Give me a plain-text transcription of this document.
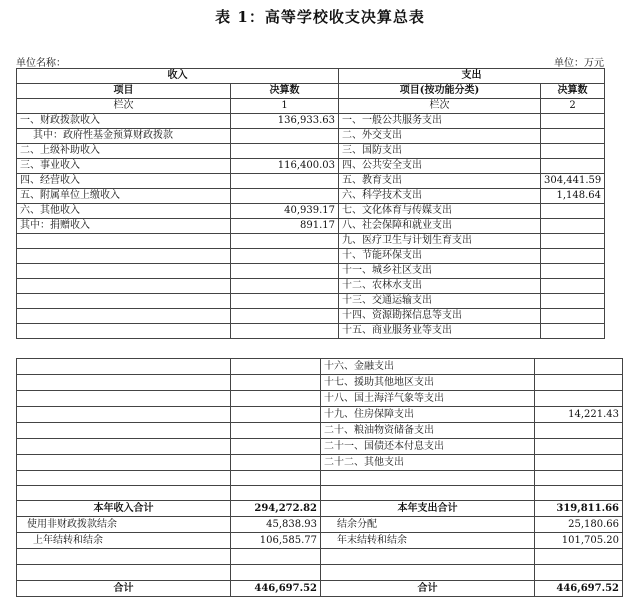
表 1：高等学校收支决算总表
单位名称：	单位：万元
收入		支出	
项目	决算数	项目(按功能分类)	决算数
栏次	1	栏次	2
一、财政拨款收入	136,933.63	一、一般公共服务支出	
其中：政府性基金预算财政拨款		二、外交支出	
二、上级补助收入		三、国防支出	
三、事业收入	116,400.03	四、公共安全支出	
四、经营收入		五、教育支出	304,441.59
五、附属单位上缴收入		六、科学技术支出	1,148.64
六、其他收入	40,939.17	七、文化体育与传媒支出	
其中：捐赠收入	891.17	八、社会保障和就业支出	
		九、医疗卫生与计划生育支出	
		十、节能环保支出	
		十一、城乡社区支出	
		十二、农林水支出	
		十三、交通运输支出	
		十四、资源勘探信息等支出	
		十五、商业服务业等支出	
		十六、金融支出	
		十七、援助其他地区支出	
		十八、国土海洋气象等支出	
		十九、住房保障支出	14,221.43
		二十、粮油物资储备支出	
		二十一、国债还本付息支出	
		二十二、其他支出	

本年收入合计	294,272.82	本年支出合计	319,811.66
使用非财政拨款结余	45,838.93	结余分配	25,180.66
上年结转和结余	106,585.77	年末结转和结余	101,705.20

合计	446,697.52	合计	446,697.52
